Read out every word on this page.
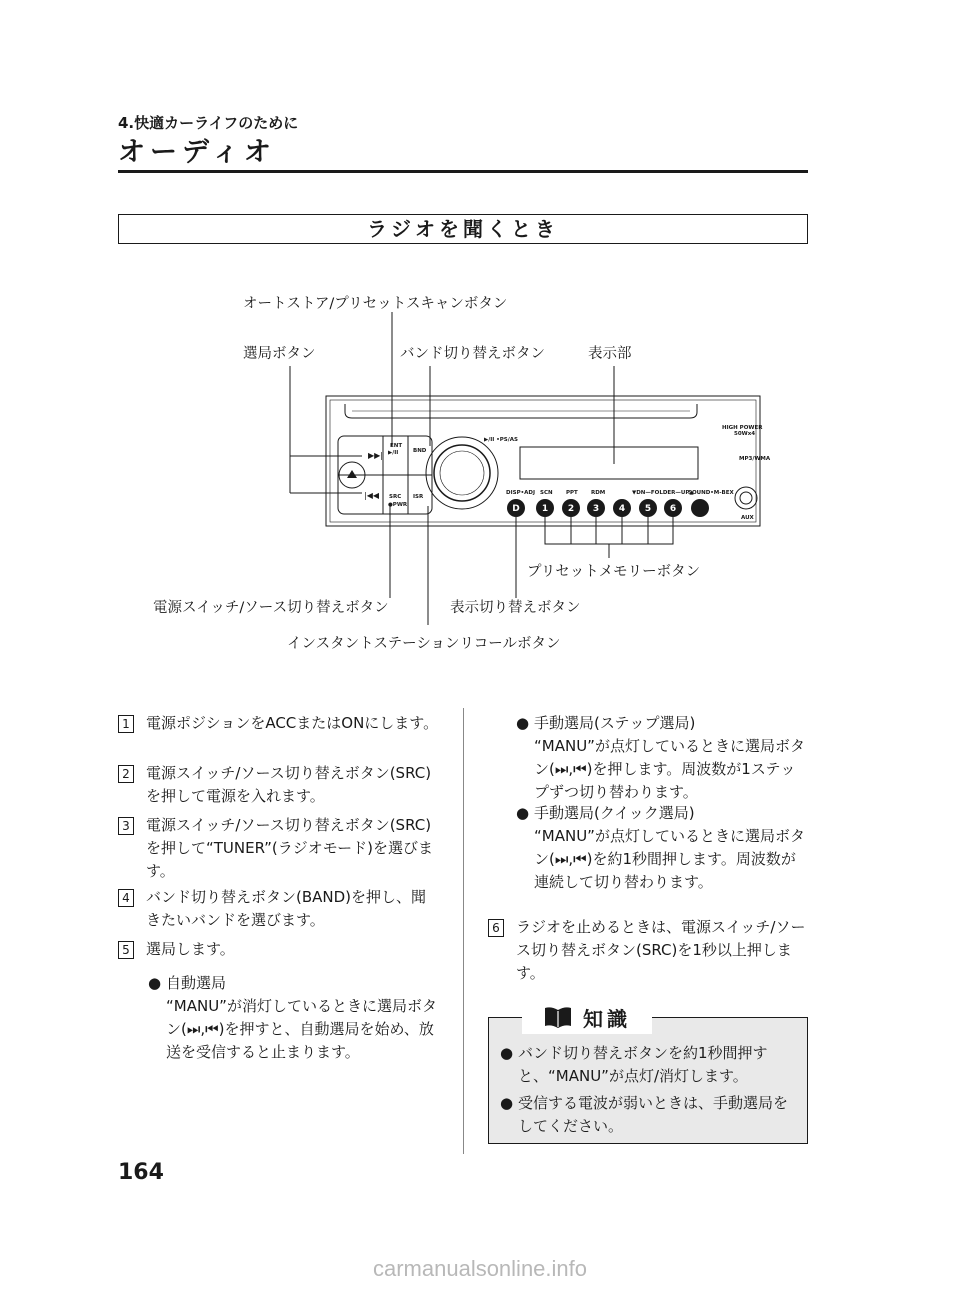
4.快適カーライフのために
オーディオ
ラジオを聞くとき
▶▶|
|◀◀
D 1 2 3 4 5 6
HIGH POWER
50Wx4
MP3/WMA
ENT
▶/II	BND
SRC
●PWR
ISR
▶/II •PS/AS
DISP•ADJ SCN PPT RDM	▼DN—FOLDER—UP▲
SOUND•M-BEX
AUX
オートストア/プリセットスキャンボタン
選局ボタン	バンド切り替えボタン	表示部
プリセットメモリーボタン
電源スイッチ/ソース切り替えボタン	表示切り替えボタン
インスタントステーションリコールボタン
1 電源ポジションをACCまたはONにします。
2 電源スイッチ/ソース切り替えボタン(SRC)を押して電源を入れます。
3 電源スイッチ/ソース切り替えボタン(SRC)を押して“TUNER”(ラジオモード)を選びます。
4 バンド切り替えボタン(BAND)を押し、聞きたいバンドを選びます。
5 選局します。
● 自動選局
“MANU”が消灯しているときに選局ボタン(⏭,⏮)を押すと、自動選局を始め、放送を受信すると止まります。
● 手動選局(ステップ選局)
“MANU”が点灯しているときに選局ボタン(⏭,⏮)を押します。周波数が1ステップずつ切り替わります。
● 手動選局(クイック選局)
“MANU”が点灯しているときに選局ボタン(⏭,⏮)を約1秒間押します。周波数が連続して切り替わります。
6 ラジオを止めるときは、電源スイッチ/ソース切り替えボタン(SRC)を1秒以上押します。
知識
● バンド切り替えボタンを約1秒間押すと、“MANU”が点灯/消灯します。
● 受信する電波が弱いときは、手動選局をしてください。
164
carmanualsonline.info
